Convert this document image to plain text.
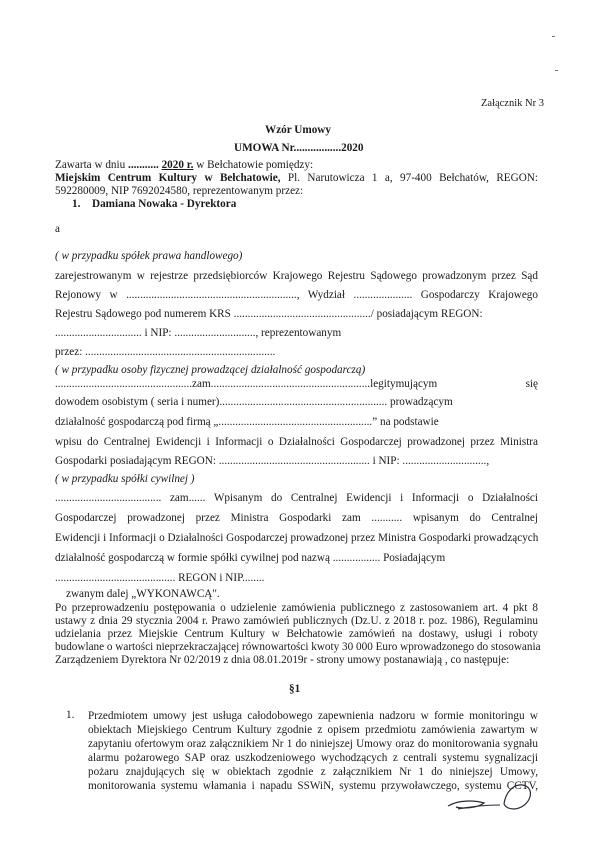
Załącznik Nr 3
Wzór Umowy
UMOWA Nr.................2020
Zawarta w dniu ........... 2020 r. w Bełchatowie pomiędzy:
Miejskim Centrum Kultury w Bełchatowie, Pl. Narutowicza 1 a, 97-400 Bełchatów, REGON:
592280009, NIP 7692024580, reprezentowanym przez:
1. Damiana Nowaka - Dyrektora
a
( w przypadku spółek prawa handlowego)
zarejestrowanym w rejestrze przedsiębiorców Krajowego Rejestru Sądowego prowadzonym przez Sąd
Rejonowy w ............................................................., Wydział ..................... Gospodarczy Krajowego
Rejestru Sądowego pod numerem KRS ................................................./ posiadającym REGON:
............................... i NIP: ............................., reprezentowanym
przez: ....................................................................
( w przypadku osoby fizycznej prowadzącej działalność gospodarczą)
.................................................zam.........................................................legitymującym się
dowodem osobistym ( seria i numer)............................................................ prowadzącym
działalność gospodarczą pod firmą „.......................................................” na podstawie
wpisu do Centralnej Ewidencji i Informacji o Działalności Gospodarczej prowadzonej przez Ministra
Gospodarki posiadającym REGON: ...................................................... i NIP: ..............................,
( w przypadku spółki cywilnej )
...................................... zam...... Wpisanym do Centralnej Ewidencji i Informacji o Działalności
Gospodarczej prowadzonej przez Ministra Gospodarki zam ........... wpisanym do Centralnej
Ewidencji i Informacji o Działalności Gospodarczej prowadzonej przez Ministra Gospodarki prowadzących
działalność gospodarczą w formie spółki cywilnej pod nazwą ................. Posiadającym
........................................... REGON i NIP........
zwanym dalej „WYKONAWCĄ".
Po przeprowadzeniu postępowania o udzielenie zamówienia publicznego z zastosowaniem art. 4 pkt 8
ustawy z dnia 29 stycznia 2004 r. Prawo zamówień publicznych (Dz.U. z 2018 r. poz. 1986), Regulaminu
udzielania przez Miejskie Centrum Kultury w Bełchatowie zamówień na dostawy, usługi i roboty
budowlane o wartości nieprzekraczającej równowartości kwoty 30 000 Euro wprowadzonego do stosowania
Zarządzeniem Dyrektora Nr 02/2019 z dnia 08.01.2019r - strony umowy postanawiają , co następuje:
§1
1. Przedmiotem umowy jest usługa całodobowego zapewnienia nadzoru w formie monitoringu w
obiektach Miejskiego Centrum Kultury zgodnie z opisem przedmiotu zamówienia zawartym w
zapytaniu ofertowym oraz załącznikiem Nr 1 do niniejszej Umowy oraz do monitorowania sygnału
alarmu pożarowego SAP oraz uszkodzeniowego wychodzących z centrali systemu sygnalizacji
pożaru znajdujących się w obiektach zgodnie z załącznikiem Nr 1 do niniejszej Umowy,
monitorowania systemu włamania i napadu SSWiN, systemu przywoławczego, systemu CCTV,
